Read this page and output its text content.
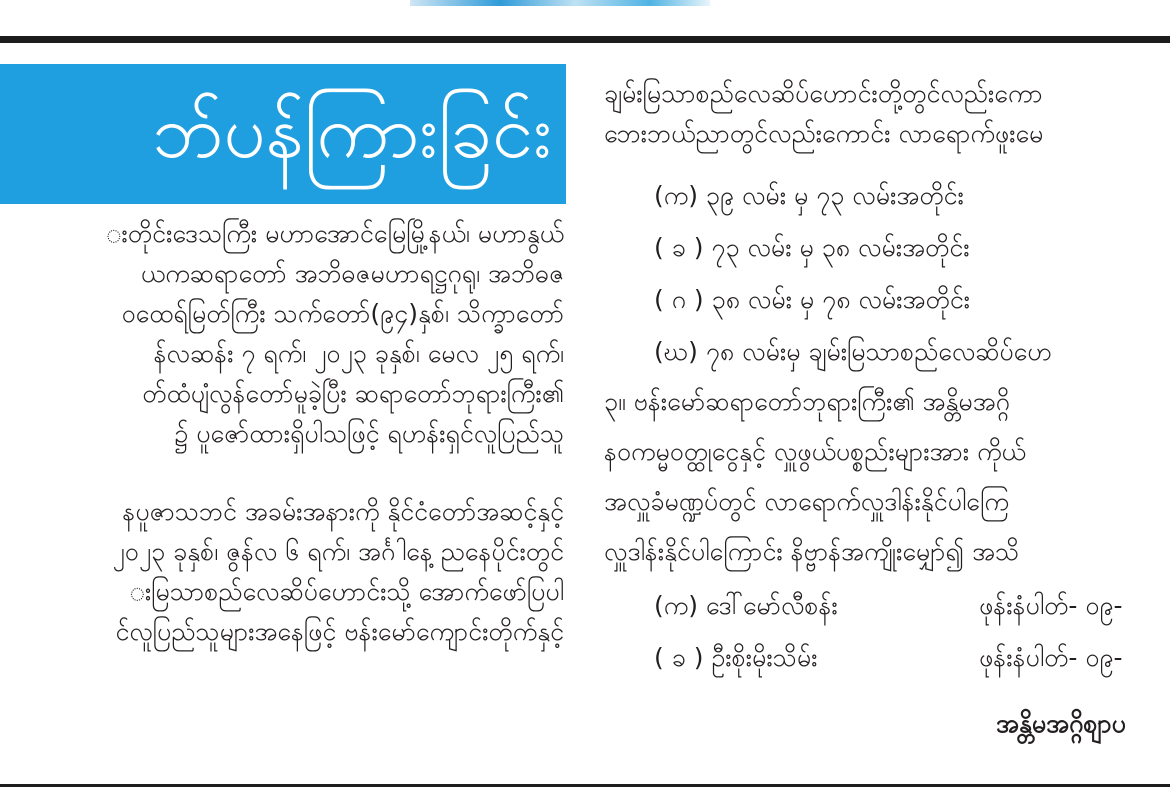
ဘ်ပန်ကြားခြင်း
းတိုင်းဒေသကြီး မဟာအောင်မြေမြို့နယ်၊ မဟာနွယ်
ယကဆရာတော် အဘိဓဇမဟာရဋ္ဌဂုရု၊ အဘိဓဇ
ဝထေရ်မြတ်ကြီး သက်တော်(၉၄)နှစ်၊ သိက္ခာတော်
န်လဆန်း ၇ ရက်၊ ၂၀၂၃ ခုနှစ်၊ မေလ ၂၅ ရက်၊
တ်ထံပျံလွန်တော်မူခဲ့ပြီး ဆရာတော်ဘုရားကြီး၏
၌ ပူဇော်ထားရှိပါသဖြင့် ရဟန်းရှင်လူပြည်သူ
နပူဇာသဘင် အခမ်းအနားကို နိုင်ငံတော်အဆင့်နှင့်
၂၀၂၃ ခုနှစ်၊ ဇွန်လ ၆ ရက်၊ အင်္ဂါနေ့ ညနေပိုင်းတွင်
းမြသာစည်လေဆိပ်ဟောင်းသို့ အောက်ဖော်ပြပါ
င်လူပြည်သူများအနေဖြင့် ဗန်းမော်ကျောင်းတိုက်နှင့်
ချမ်းမြသာစည်လေဆိပ်ဟောင်းတို့တွင်လည်းကော
ဘေးဘယ်ညာတွင်လည်းကောင်း လာရောက်ဖူးမေ
(က) ၃၉ လမ်း မှ ၇၃ လမ်းအတိုင်း
( ခ ) ၇၃ လမ်း မှ ၃၈ လမ်းအတိုင်း
( ဂ ) ၃၈ လမ်း မှ ၇၈ လမ်းအတိုင်း
(ဃ) ၇၈ လမ်းမှ ချမ်းမြသာစည်လေဆိပ်ဟေ
၃။ ဗန်းမော်ဆရာတော်ဘုရားကြီး၏ အန္တိမအဂ္ဂိ
နဝကမ္မဝတ္ထုငွေနှင့် လှူဖွယ်ပစ္စည်းများအား ကိုယ်
အလှူခံမဏ္ဍပ်တွင် လာရောက်လှူဒါန်းနိုင်ပါကြေ
လှူဒါန်းနိုင်ပါကြောင်း နိဗ္ဗာန်အကျိုးမျှော်၍ အသိ
(က) ဒေါ်မော်လီစန်း	ဖုန်းနံပါတ်- ၀၉-
( ခ ) ဦးစိုးမိုးသိမ်း	ဖုန်းနံပါတ်- ၀၉-
အန္တိမအဂ္ဂိစျာပ
